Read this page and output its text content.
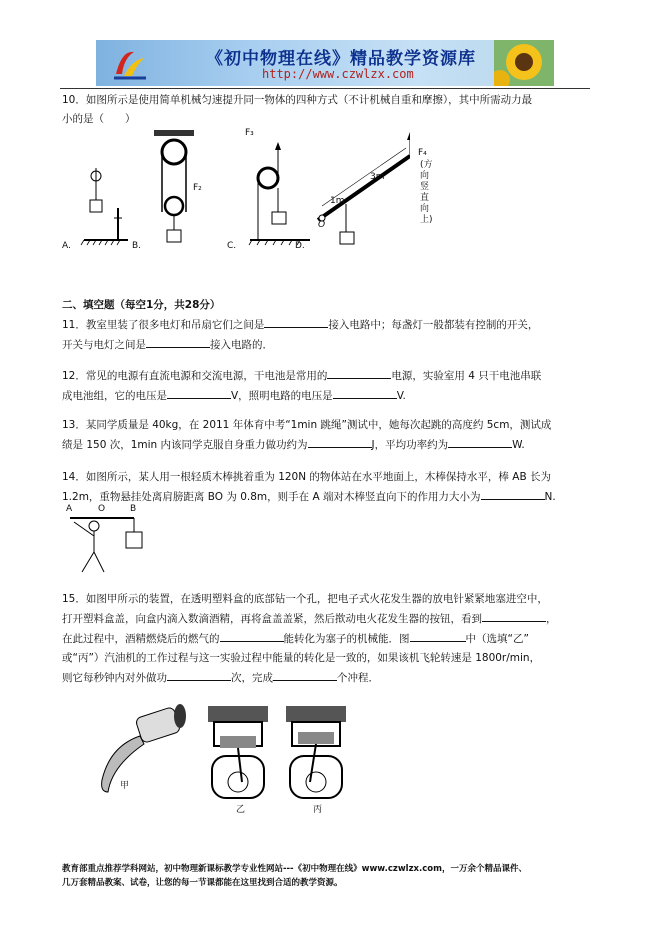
《初中物理在线》精品教学资源库
http://www.czwlzx.com
10．如图所示是使用简单机械匀速提升同一物体的四种方式（不计机械自重和摩擦），其中所需动力最
小的是（　　）
F₃
F₂
F₄
(方向竖直向上)
3m
1m
O
A.	B.	C.	D.
二、填空题（每空1分，共28分）
11．教室里装了很多电灯和吊扇它们之间是	接入电路中；每盏灯一般都装有控制的开关，
开关与电灯之间是	接入电路的．
12．常见的电源有直流电源和交流电源，干电池是常用的	电源，实验室用 4 只干电池串联
成电池组，它的电压是	V，照明电路的电压是	V.
13．某同学质量是 40kg，在 2011 年体育中考“1min 跳绳”测试中，她每次起跳的高度约 5cm，测试成
绩是 150 次，1min 内该同学克服自身重力做功约为	J，平均功率约为	W.
14．如图所示，某人用一根轻质木棒挑着重为 120N 的物体站在水平地面上，木棒保持水平，棒 AB 长为
1.2m，重物悬挂处离肩膀距离 BO 为 0.8m，则手在 A 端对木棒竖直向下的作用力大小为	N.
A	O	B
15．如图甲所示的装置，在透明塑料盒的底部钻一个孔，把电子式火花发生器的放电针紧紧地塞进空中，
打开塑料盒盖，向盒内滴入数滴酒精，再将盒盖盖紧，然后揿动电火花发生器的按钮，看到	，
在此过程中，酒精燃烧后的燃气的	能转化为塞子的机械能．图	中（选填“乙”
或“丙”）汽油机的工作过程与这一实验过程中能量的转化是一致的，如果该机飞轮转速是 1800r/min，
则它每秒钟内对外做功	次，完成	个冲程．
甲
乙	丙
教育部重点推荐学科网站，初中物理新课标教学专业性网站---《初中物理在线》www.czwlzx.com，一万余个精品课件、
几万套精品教案、试卷，让您的每一节课都能在这里找到合适的教学资源。
